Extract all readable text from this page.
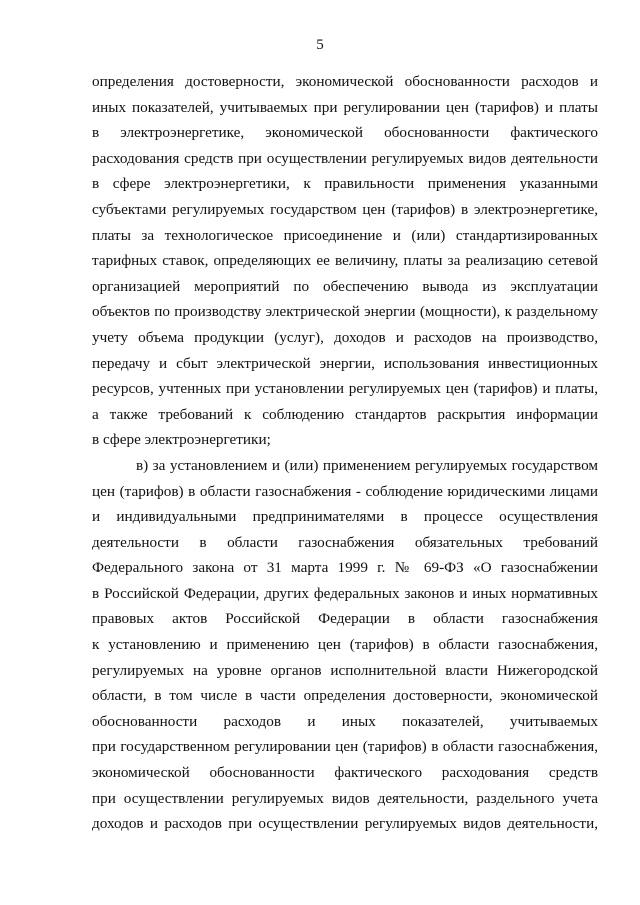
5
определения достоверности, экономической обоснованности расходов и
иных показателей, учитываемых при регулировании цен (тарифов) и платы
в электроэнергетике, экономической обоснованности фактического
расходования средств при осуществлении регулируемых видов деятельности
в сфере электроэнергетики, к правильности применения указанными
субъектами регулируемых государством цен (тарифов) в электроэнергетике,
платы за технологическое присоединение и (или) стандартизированных
тарифных ставок, определяющих ее величину, платы за реализацию сетевой
организацией мероприятий по обеспечению вывода из эксплуатации
объектов по производству электрической энергии (мощности), к раздельному
учету объема продукции (услуг), доходов и расходов на производство,
передачу и сбыт электрической энергии, использования инвестиционных
ресурсов, учтенных при установлении регулируемых цен (тарифов) и платы,
а также требований к соблюдению стандартов раскрытия информации
в сфере электроэнергетики;
в) за установлением и (или) применением регулируемых государством
цен (тарифов) в области газоснабжения - соблюдение юридическими лицами
и индивидуальными предпринимателями в процессе осуществления
деятельности в области газоснабжения обязательных требований
Федерального закона от 31 марта 1999 г. № 69-ФЗ «О газоснабжении
в Российской Федерации, других федеральных законов и иных нормативных
правовых актов Российской Федерации в области газоснабжения
к установлению и применению цен (тарифов) в области газоснабжения,
регулируемых на уровне органов исполнительной власти Нижегородской
области, в том числе в части определения достоверности, экономической
обоснованности расходов и иных показателей, учитываемых
при государственном регулировании цен (тарифов) в области газоснабжения,
экономической обоснованности фактического расходования средств
при осуществлении регулируемых видов деятельности, раздельного учета
доходов и расходов при осуществлении регулируемых видов деятельности,
